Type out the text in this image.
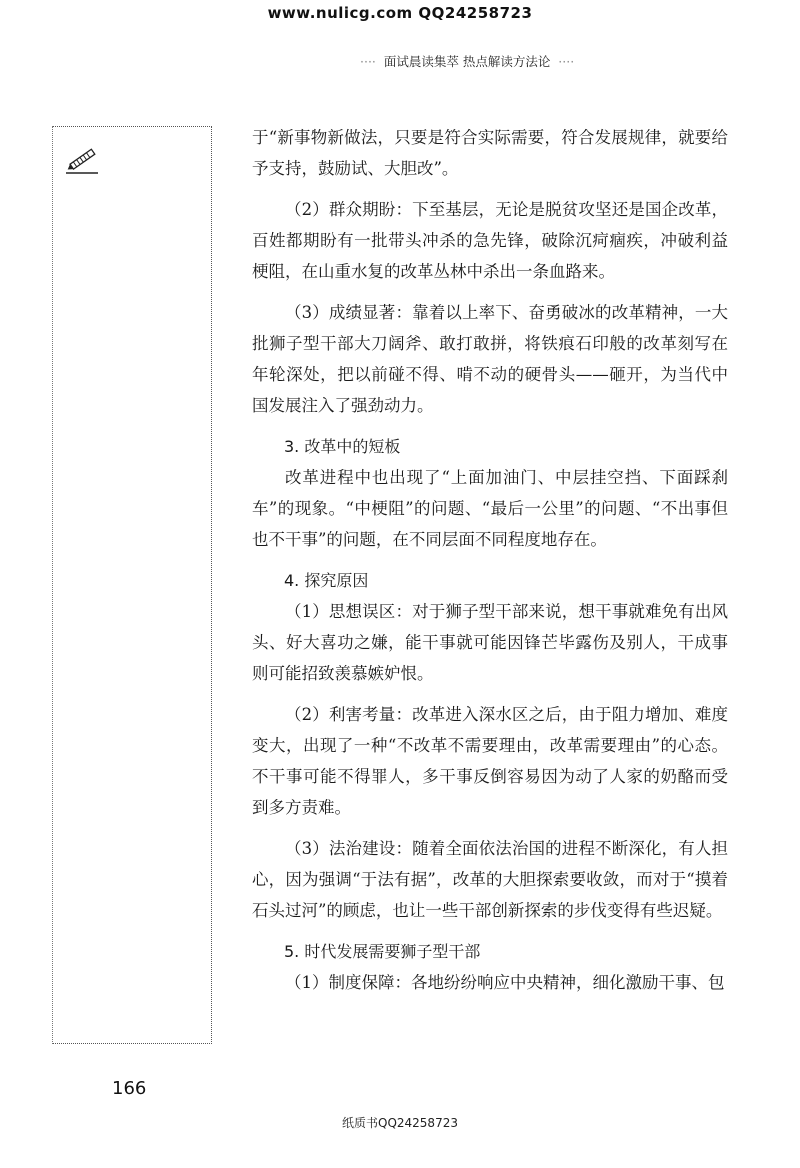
www.nulicg.com QQ24258723
···· 面试晨读集萃 热点解读方法论 ····

于“新事物新做法，只要是符合实际需要，符合发展规律，就要给予支持，鼓励试、大胆改”。

（2）群众期盼：下至基层，无论是脱贫攻坚还是国企改革，百姓都期盼有一批带头冲杀的急先锋，破除沉疴痼疾，冲破利益梗阻，在山重水复的改革丛林中杀出一条血路来。

（3）成绩显著：靠着以上率下、奋勇破冰的改革精神，一大批狮子型干部大刀阔斧、敢打敢拼，将铁痕石印般的改革刻写在年轮深处，把以前碰不得、啃不动的硬骨头——砸开，为当代中国发展注入了强劲动力。

3. 改革中的短板

改革进程中也出现了“上面加油门、中层挂空挡、下面踩刹车”的现象。“中梗阻”的问题、“最后一公里”的问题、“不出事但也不干事”的问题，在不同层面不同程度地存在。

4. 探究原因

（1）思想误区：对于狮子型干部来说，想干事就难免有出风头、好大喜功之嫌，能干事就可能因锋芒毕露伤及别人，干成事则可能招致羡慕嫉妒恨。

（2）利害考量：改革进入深水区之后，由于阻力增加、难度变大，出现了一种“不改革不需要理由，改革需要理由”的心态。不干事可能不得罪人，多干事反倒容易因为动了人家的奶酪而受到多方责难。

（3）法治建设：随着全面依法治国的进程不断深化，有人担心，因为强调“于法有据”，改革的大胆探索要收敛，而对于“摸着石头过河”的顾虑，也让一些干部创新探索的步伐变得有些迟疑。

5. 时代发展需要狮子型干部

（1）制度保障：各地纷纷响应中央精神，细化激励干事、包

166
纸质书QQ24258723
